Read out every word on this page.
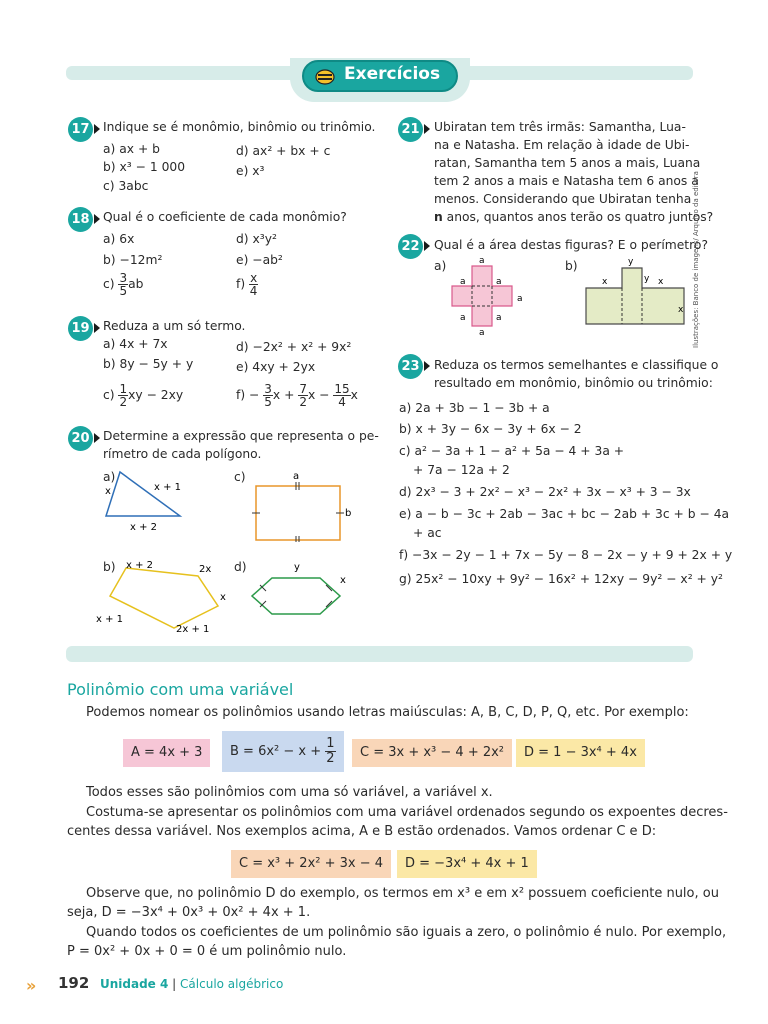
Exercícios
17 Indique se é monômio, binômio ou trinômio.
a) ax + b
b) x³ − 1 000
c) 3abc
d) ax² + bx + c
e) x³
18 Qual é o coeficiente de cada monômio?
a) 6x
b) −12m²
$c) \frac{3}{5}$ ab
d) x³y²
e) −ab²
$f) \frac{x}{4}$
19 Reduza a um só termo.
a) 4x + 7x
b) 8y − 5y + y
$c) \frac{1}{2}$ xy − 2xy
d) −2x² + x² + 9x²
e) 4xy + 2yx
$f) - \frac{3}{5}$ $x + \frac{7}{2}$ $x - \frac{15}{4}$ x
20 Determine a expressão que representa o pe-
rímetro de cada polígono.
a)	c)
b)	d)
x	x + 1
x + 2
a
b
x + 2	2x
x
2x + 1
x + 1
y
x
21 Ubiratan tem três irmãs: Samantha, Lua-
na e Natasha. Em relação à idade de Ubi-
ratan, Samantha tem 5 anos a mais, Luana
tem 2 anos a mais e Natasha tem 6 anos a
menos. Considerando que Ubiratan tenha
n anos, quantos anos terão os quatro juntos?
22 Qual é a área destas figuras? E o perímetro?
a)	b)
a
a	a
a
a	a
a
y
y
x	x
x Ilustrações: Banco de imagens/ Arquivo da editora
23 Reduza os termos semelhantes e classifique o
resultado em monômio, binômio ou trinômio:
a) 2a + 3b − 1 − 3b + a
b) x + 3y − 6x − 3y + 6x − 2
c) a² − 3a + 1 − a² + 5a − 4 + 3a +
+ 7a − 12a + 2
d) 2x³ − 3 + 2x² − x³ − 2x² + 3x − x³ + 3 − 3x
e) a − b − 3c + 2ab − 3ac + bc − 2ab + 3c + b − 4a
+ ac
f) −3x − 2y − 1 + 7x − 5y − 8 − 2x − y + 9 + 2x + y
g) 25x² − 10xy + 9y² − 16x² + 12xy − 9y² − x² + y²
Polinômio com uma variável
Podemos nomear os polinômios usando letras maiúsculas: A, B, C, D, P, Q, etc. Por exemplo:
A = 4x + 3	$B = 6x^2 - x + \frac{1}{2}$	C = 3x + x³ − 4 + 2x²	D = 1 − 3x⁴ + 4x
Todos esses são polinômios com uma só variável, a variável x.
Costuma-se apresentar os polinômios com uma variável ordenados segundo os expoentes decres-
centes dessa variável. Nos exemplos acima, A e B estão ordenados. Vamos ordenar C e D:
C = x³ + 2x² + 3x − 4	D = −3x⁴ + 4x + 1
Observe que, no polinômio D do exemplo, os termos em x³ e em x² possuem coeficiente nulo, ou
seja, D = −3x⁴ + 0x³ + 0x² + 4x + 1.
Quando todos os coeficientes de um polinômio são iguais a zero, o polinômio é nulo. Por exemplo,
P = 0x² + 0x + 0 = 0 é um polinômio nulo.
» 192 Unidade 4 | Cálculo algébrico
